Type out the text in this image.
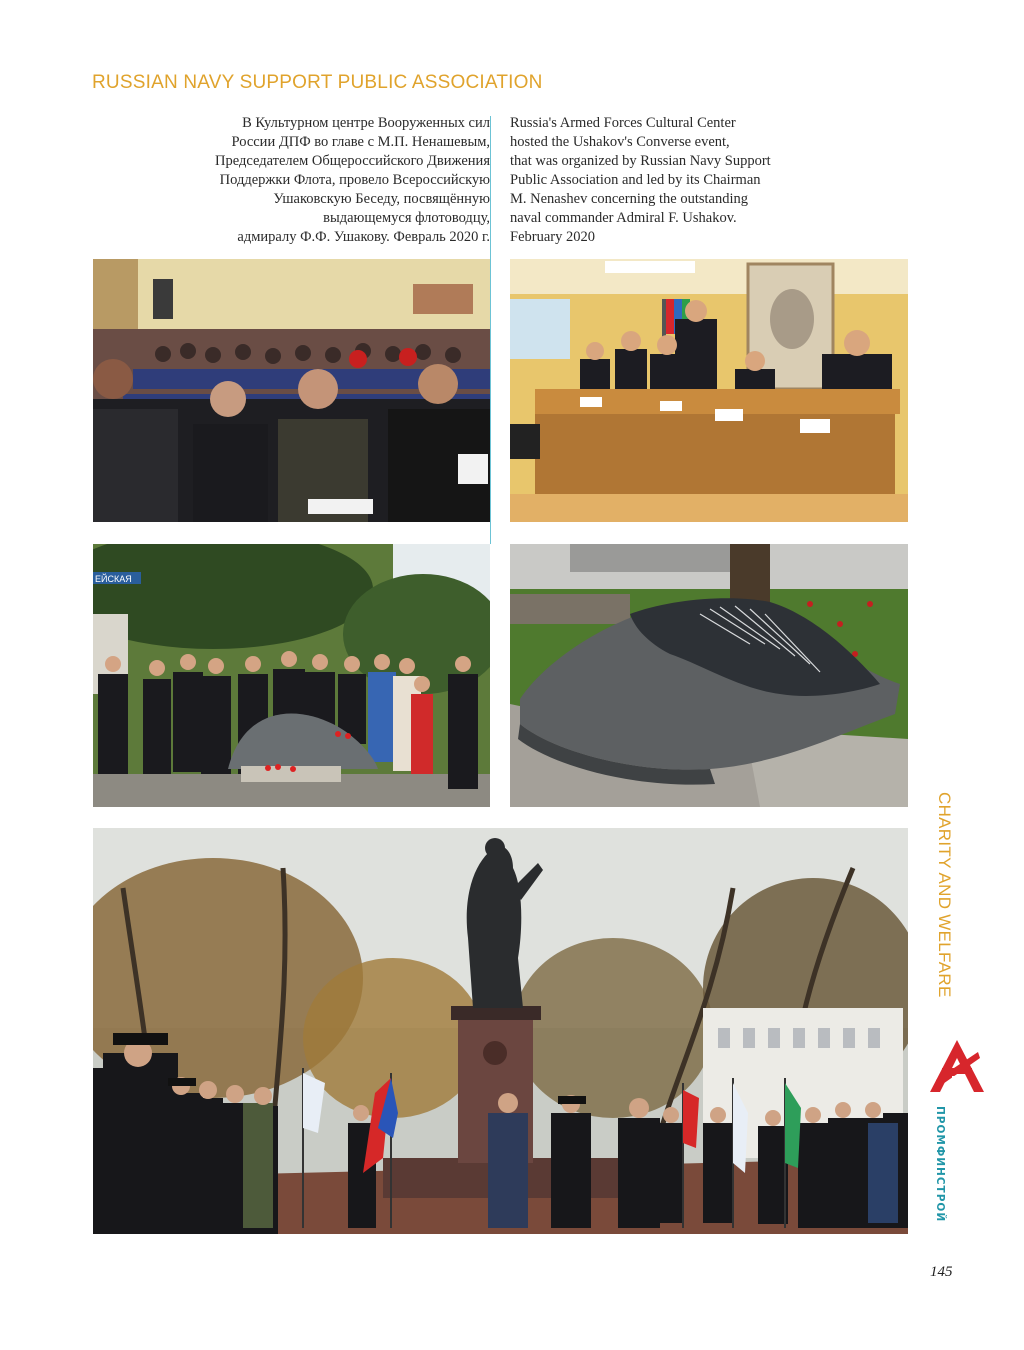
RUSSIAN NAVY SUPPORT PUBLIC ASSOCIATION
В Культурном центре Вооруженных сил
России ДПФ во главе с М.П. Ненашевым,
Председателем Общероссийского Движения
Поддержки Флота, провело Всероссийскую
Ушаковскую Беседу, посвящённую
выдающемуся флотоводцу,
адмиралу Ф.Ф. Ушакову. Февраль 2020 г.
Russia's Armed Forces Cultural Center
hosted the Ushakov's Converse event,
that was organized by Russian Navy Support
Public Association and led by its Chairman
M. Nenashev concerning the outstanding
naval commander Admiral F. Ushakov.
February 2020
ЕЙСКАЯ
CHARITY AND WELFARE
ПРОМФИНСТРОЙ
145
